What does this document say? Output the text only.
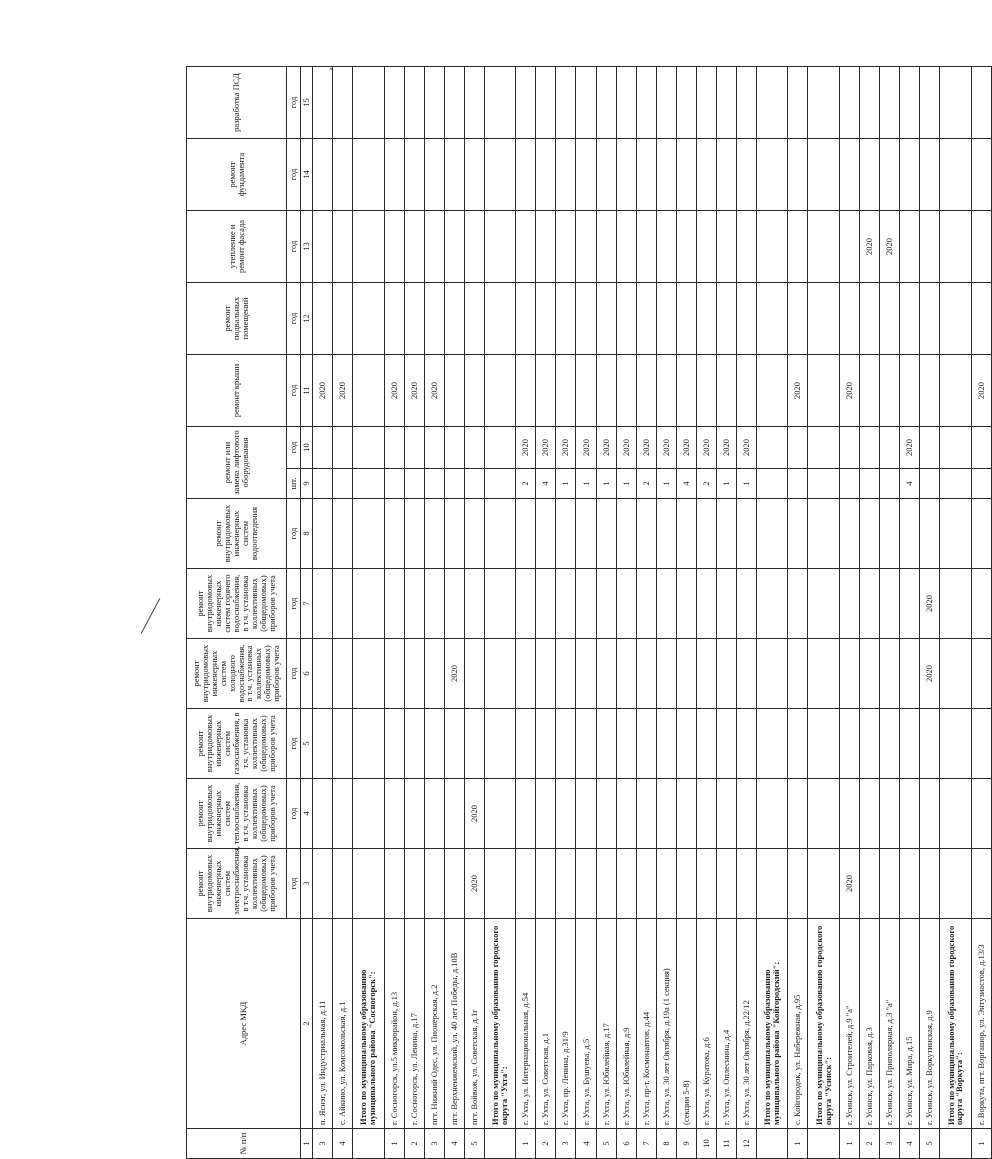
№ п/п	Адрес МКД	ремонт внутридомовых инженерных систем электроснабжения, в т.ч. установка коллективных (общедомовых) приборов учета	ремонт внутридомовых инженерных систем теплоснабжения, в т.ч. установка коллективных (общедомовых) приборов учета	ремонт внутридомовых инженерных систем газоснабжения, в т.ч. установка коллективных (общедомовых) приборов учета	ремонт внутридомовых инженерных систем холодного водоснабжения, в т.ч. установка коллективных (общедомовых) приборов учета	ремонт внутридомовых инженерных систем горячего водоснабжения, в т.ч. установка коллективных (общедомовых) приборов учета	ремонт внутридомовых инженерных систем водоотведения	ремонт или замена лифтового оборудования		ремонт крыши	ремонт подвальных помещений	утепление и ремонт фасада	ремонт фундамента	разработка ПСД
		год	год	год	год	год	год	шт.	год	год	год	год	год	год
1	2	3	4	5	6	7	8	9	10	11	12	13	14	15
3	п. Яснэг, ул. Индустриальная, д.11									2020				
4	с. Айкино, ул. Комсомольская, д.1									2020				
	Итого по муниципальному образованию муниципального района "Сосногорск":													
1	г. Сосногорск, ул.5 микрорайон, д.13									2020				
2	г. Сосногорск, ул. Ленина, д.17									2020				
3	пгт. Нижний Одес, ул. Пионерская, д.2									2020				
4	пгт. Верхнеижемский, ул. 40 лет Победы, д.10В				2020									
5	пгт. Войвож, ул. Советская, д.1г	2020	2020											
	Итого по муниципальному образованию городского округа "Ухта":													
1	г. Ухта, ул. Интернациональная, д.54							2	2020					
2	г. Ухта, ул. Советская, д.1							4	2020					
3	г. Ухта, пр. Ленина, д.31/9							1	2020					
4	г. Ухта, ул. Бушуева, д.5							1	2020					
5	г. Ухта, ул. Юбилейная, д.17							1	2020					
6	г. Ухта, ул. Юбилейная, д.9							1	2020					
7	г. Ухта, пр-т. Космонавтов, д.44							2	2020					
8	г. Ухта, ул. 30 лет Октября, д.19а (1 секция)							1	2020					
9	(секции 5-8)							4	2020					
10	г. Ухта, ул. Куратова, д.6							2	2020					
11	г. Ухта, ул. Оплеснина, д.4							1	2020					
12	г. Ухта, ул. 30 лет Октября, д.22/12							1	2020					
	Итого по муниципальному образованию муниципального района "Койгородский":													
1	с. Койгородок, ул. Набережная, д.95									2020				
	Итого по муниципальному образованию городского округа "Усинск":													
1	г. Усинск, ул. Строителей, д.9 "а"	2020								2020				
2	г. Усинск, ул. Парковая, д.3											2020		
3	г. Усинск, ул. Приполярная, д.3 "а"											2020		
4	г. Усинск, ул. Мира, д.15							4	2020					
5	г. Усинск, ул. Воркутинская, д.9				2020	2020								
	Итого по муниципальному образованию городского округа "Воркута":													
1	г. Воркута, пгт. Воргашор, ул. Энтузиастов, д.13/3									2020				
